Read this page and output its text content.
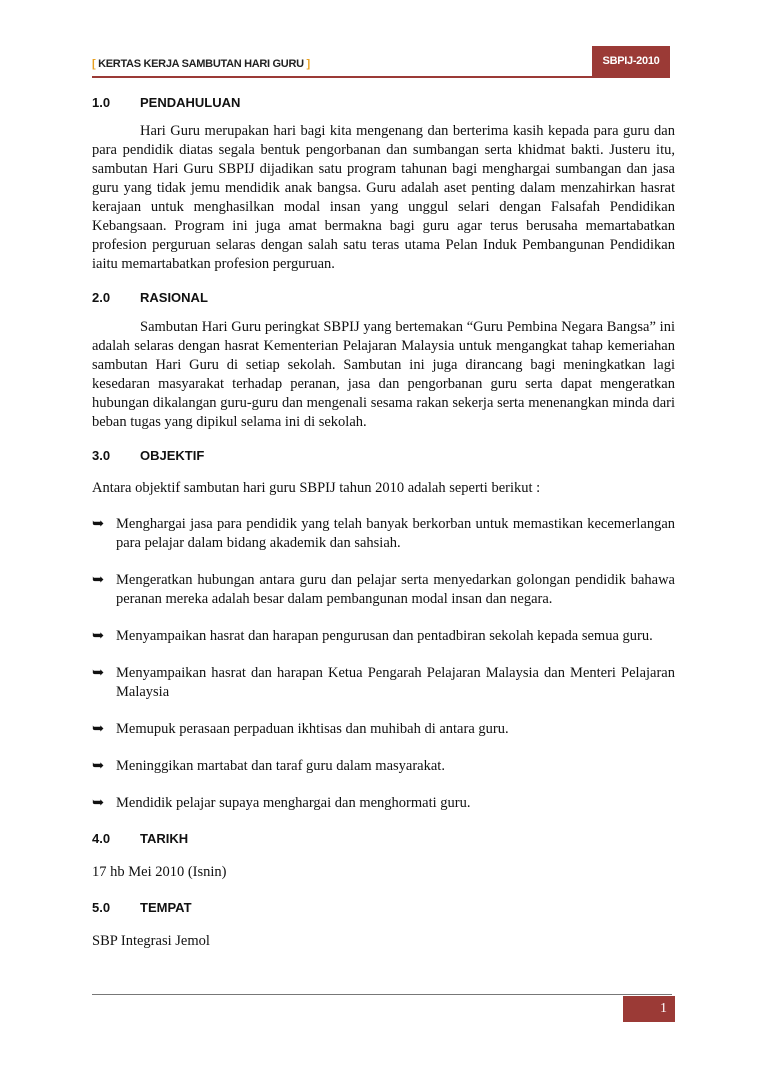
[ KERTAS KERJA SAMBUTAN HARI GURU ]	SBPIJ-2010
1.0	PENDAHULUAN

Hari Guru merupakan hari bagi kita mengenang dan berterima kasih kepada para guru dan para pendidik diatas segala bentuk pengorbanan dan sumbangan serta khidmat bakti. Justeru itu, sambutan Hari Guru SBPIJ dijadikan satu program tahunan bagi menghargai sumbangan dan jasa guru yang tidak jemu mendidik anak bangsa. Guru adalah aset penting dalam menzahirkan hasrat kerajaan untuk menghasilkan modal insan yang unggul selari dengan Falsafah Pendidikan Kebangsaan. Program ini juga amat bermakna bagi guru agar terus berusaha memartabatkan profesion perguruan selaras dengan salah satu teras utama Pelan Induk Pembangunan Pendidikan iaitu memartabatkan profesion perguruan.

2.0	RASIONAL

Sambutan Hari Guru peringkat SBPIJ yang bertemakan “Guru Pembina Negara Bangsa” ini adalah selaras dengan hasrat Kementerian Pelajaran Malaysia untuk mengangkat tahap kemeriahan sambutan Hari Guru di setiap sekolah. Sambutan ini juga dirancang bagi meningkatkan lagi kesedaran masyarakat terhadap peranan, jasa dan pengorbanan guru serta dapat mengeratkan hubungan dikalangan guru-guru dan mengenali sesama rakan sekerja serta menenangkan minda dari beban tugas yang dipikul selama ini di sekolah.

3.0	OBJEKTIF

Antara objektif sambutan hari guru SBPIJ tahun 2010 adalah seperti berikut :

➥ Menghargai jasa para pendidik yang telah banyak berkorban untuk memastikan kecemerlangan para pelajar dalam bidang akademik dan sahsiah.
➥ Mengeratkan hubungan antara guru dan pelajar serta menyedarkan golongan pendidik bahawa peranan mereka adalah besar dalam pembangunan modal insan dan negara.
➥ Menyampaikan hasrat dan harapan pengurusan dan pentadbiran sekolah kepada semua guru.
➥ Menyampaikan hasrat dan harapan Ketua Pengarah Pelajaran Malaysia dan Menteri Pelajaran Malaysia
➥ Memupuk perasaan perpaduan ikhtisas dan muhibah di antara guru.
➥ Meninggikan martabat dan taraf guru dalam masyarakat.
➥ Mendidik pelajar supaya menghargai dan menghormati guru.
4.0	TARIKH

17 hb Mei 2010 (Isnin)

5.0	TEMPAT

SBP Integrasi Jemol

1
